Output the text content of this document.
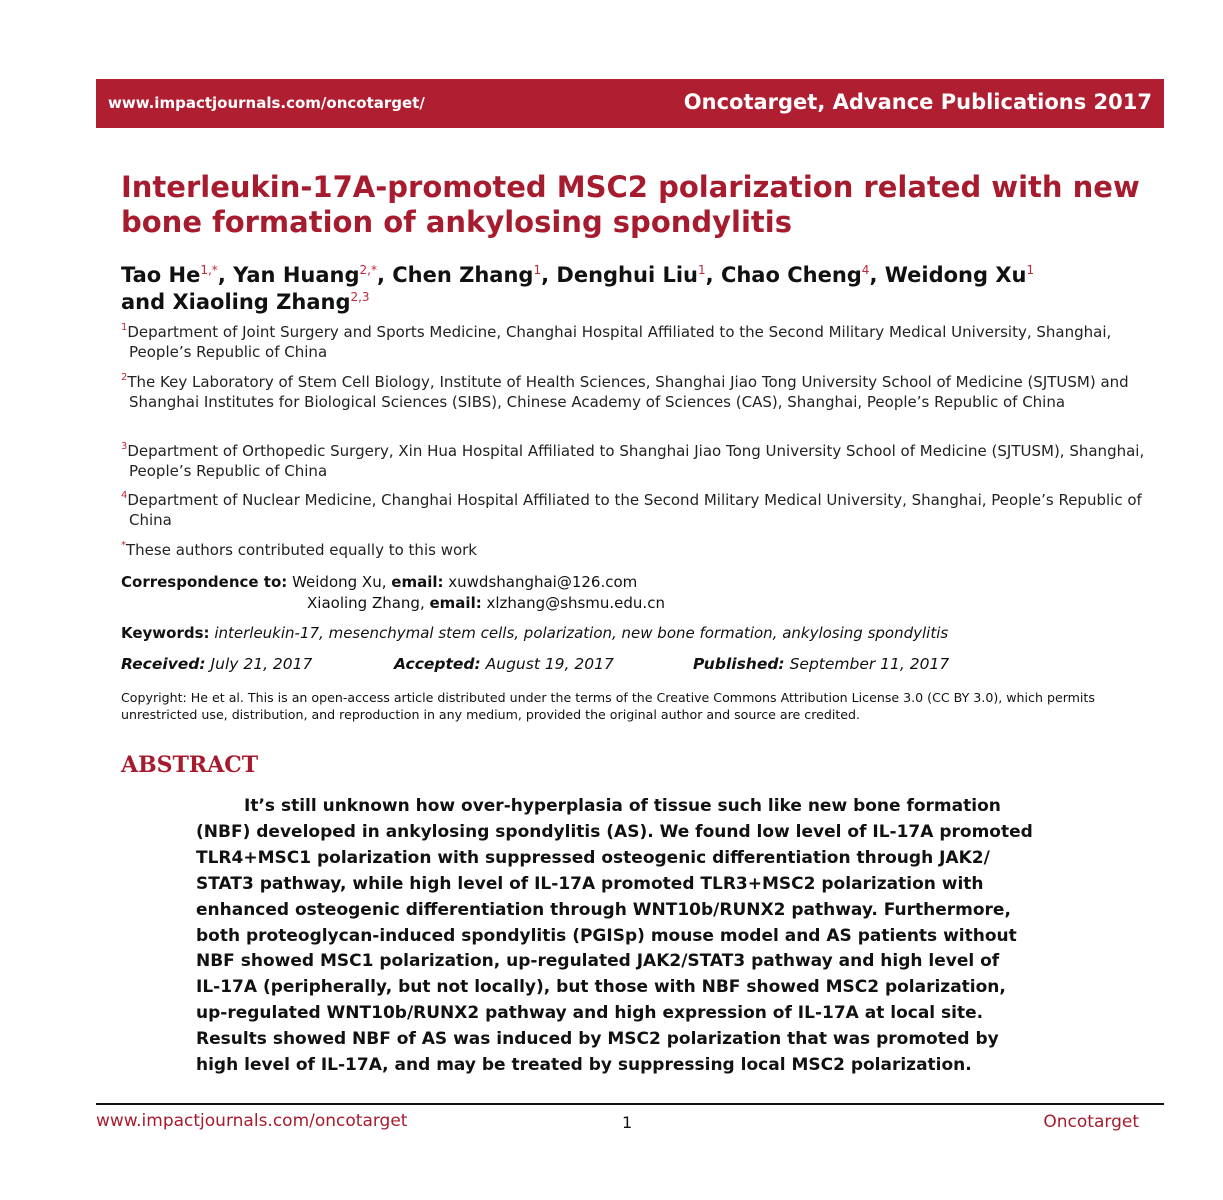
www.impactjournals.com/oncotarget/	Oncotarget, Advance Publications 2017
Interleukin-17A-promoted MSC2 polarization related with new bone formation of ankylosing spondylitis
Tao $He^{1,*}$, Yan Huang$^{2,*}$, Chen Zhang$^1$, Denghui Liu$^1$, Chao Cheng$^4$, Weidong Xu$^1$
and Xiaoling Zhang$^{2,3}$
$^1$Department of Joint Surgery and Sports Medicine, Changhai Hospital Affiliated to the Second Military Medical University, Shanghai, People’s Republic of China
$^2$The Key Laboratory of Stem Cell Biology, Institute of Health Sciences, Shanghai Jiao Tong University School of Medicine (SJTUSM) and Shanghai Institutes for Biological Sciences (SIBS), Chinese Academy of Sciences (CAS), Shanghai, People’s Republic of China
$^3$Department of Orthopedic Surgery, Xin Hua Hospital Affiliated to Shanghai Jiao Tong University School of Medicine (SJTUSM), Shanghai, People’s Republic of China
$^4$Department of Nuclear Medicine, Changhai Hospital Affiliated to the Second Military Medical University, Shanghai, People’s Republic of China
*These authors contributed equally to this work
Correspondence to: Weidong Xu, email: xuwdshanghai@126.com
Xiaoling Zhang, email: xlzhang@shsmu.edu.cn
Keywords: interleukin-17, mesenchymal stem cells, polarization, new bone formation, ankylosing spondylitis
Received: July 21, 2017	Accepted: August 19, 2017	Published: September 11, 2017
Copyright: He et al. This is an open-access article distributed under the terms of the Creative Commons Attribution License 3.0 (CC BY 3.0), which permits unrestricted use, distribution, and reproduction in any medium, provided the original author and source are credited.
ABSTRACT
It’s still unknown how over-hyperplasia of tissue such like new bone formation
(NBF) developed in ankylosing spondylitis (AS). We found low level of IL-17A promoted
TLR4+MSC1 polarization with suppressed osteogenic differentiation through JAK2/
STAT3 pathway, while high level of IL-17A promoted TLR3+MSC2 polarization with
enhanced osteogenic differentiation through WNT10b/RUNX2 pathway. Furthermore,
both proteoglycan-induced spondylitis (PGISp) mouse model and AS patients without
NBF showed MSC1 polarization, up-regulated JAK2/STAT3 pathway and high level of
IL-17A (peripherally, but not locally), but those with NBF showed MSC2 polarization,
up-regulated WNT10b/RUNX2 pathway and high expression of IL-17A at local site.
Results showed NBF of AS was induced by MSC2 polarization that was promoted by
high level of IL-17A, and may be treated by suppressing local MSC2 polarization.
www.impactjournals.com/oncotarget	1	Oncotarget
